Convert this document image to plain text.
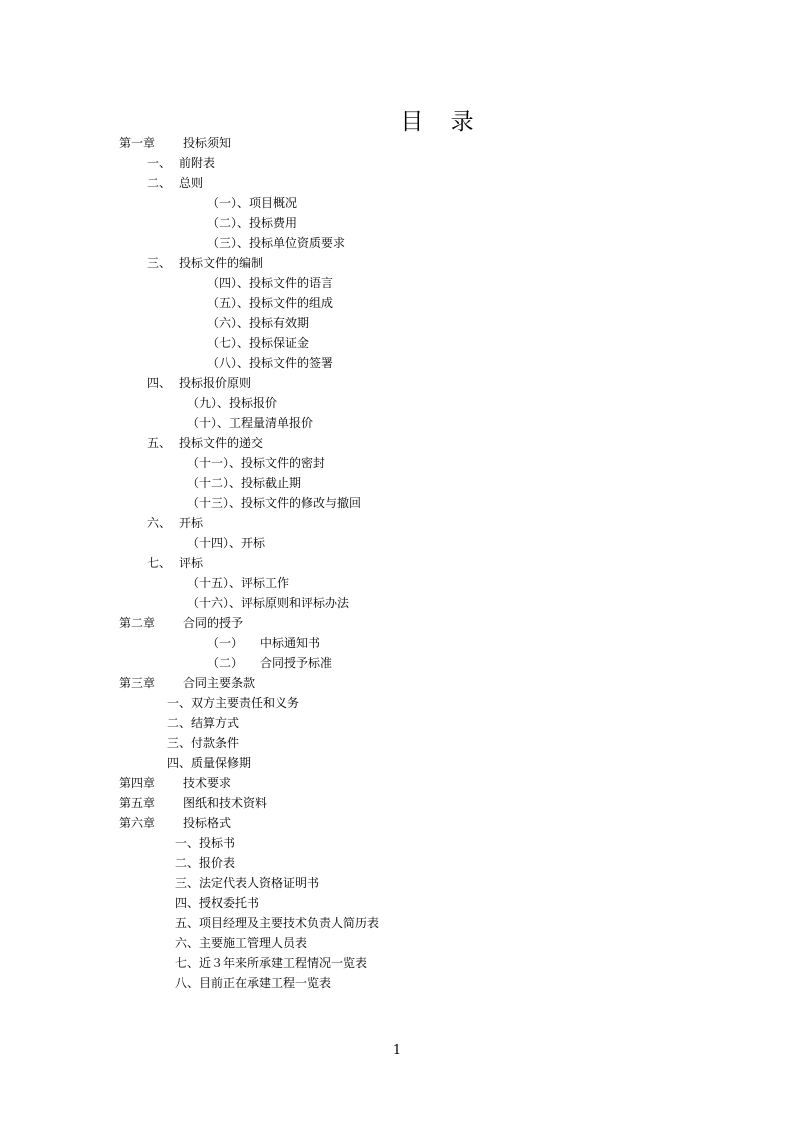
目 录
第一章 投标须知
一、 前附表
二、 总则
（一）、项目概况
（二）、投标费用
（三）、投标单位资质要求
三、 投标文件的编制
（四）、投标文件的语言
（五）、投标文件的组成
（六）、投标有效期
（七）、投标保证金
（八）、投标文件的签署
四、 投标报价原则
（九）、投标报价
（十）、工程量清单报价
五、 投标文件的递交
（十一）、投标文件的密封
（十二）、投标截止期
（十三）、投标文件的修改与撤回
六、 开标
（十四）、开标
七、 评标
（十五）、评标工作
（十六）、评标原则和评标办法
第二章 合同的授予
（一） 中标通知书
（二） 合同授予标准
第三章 合同主要条款
一、双方主要责任和义务
二、结算方式
三、付款条件
四、质量保修期
第四章 技术要求
第五章 图纸和技术资料
第六章 投标格式
一、投标书
二、报价表
三、法定代表人资格证明书
四、授权委托书
五、项目经理及主要技术负责人简历表
六、主要施工管理人员表
七、近３年来所承建工程情况一览表
八、目前正在承建工程一览表
1
